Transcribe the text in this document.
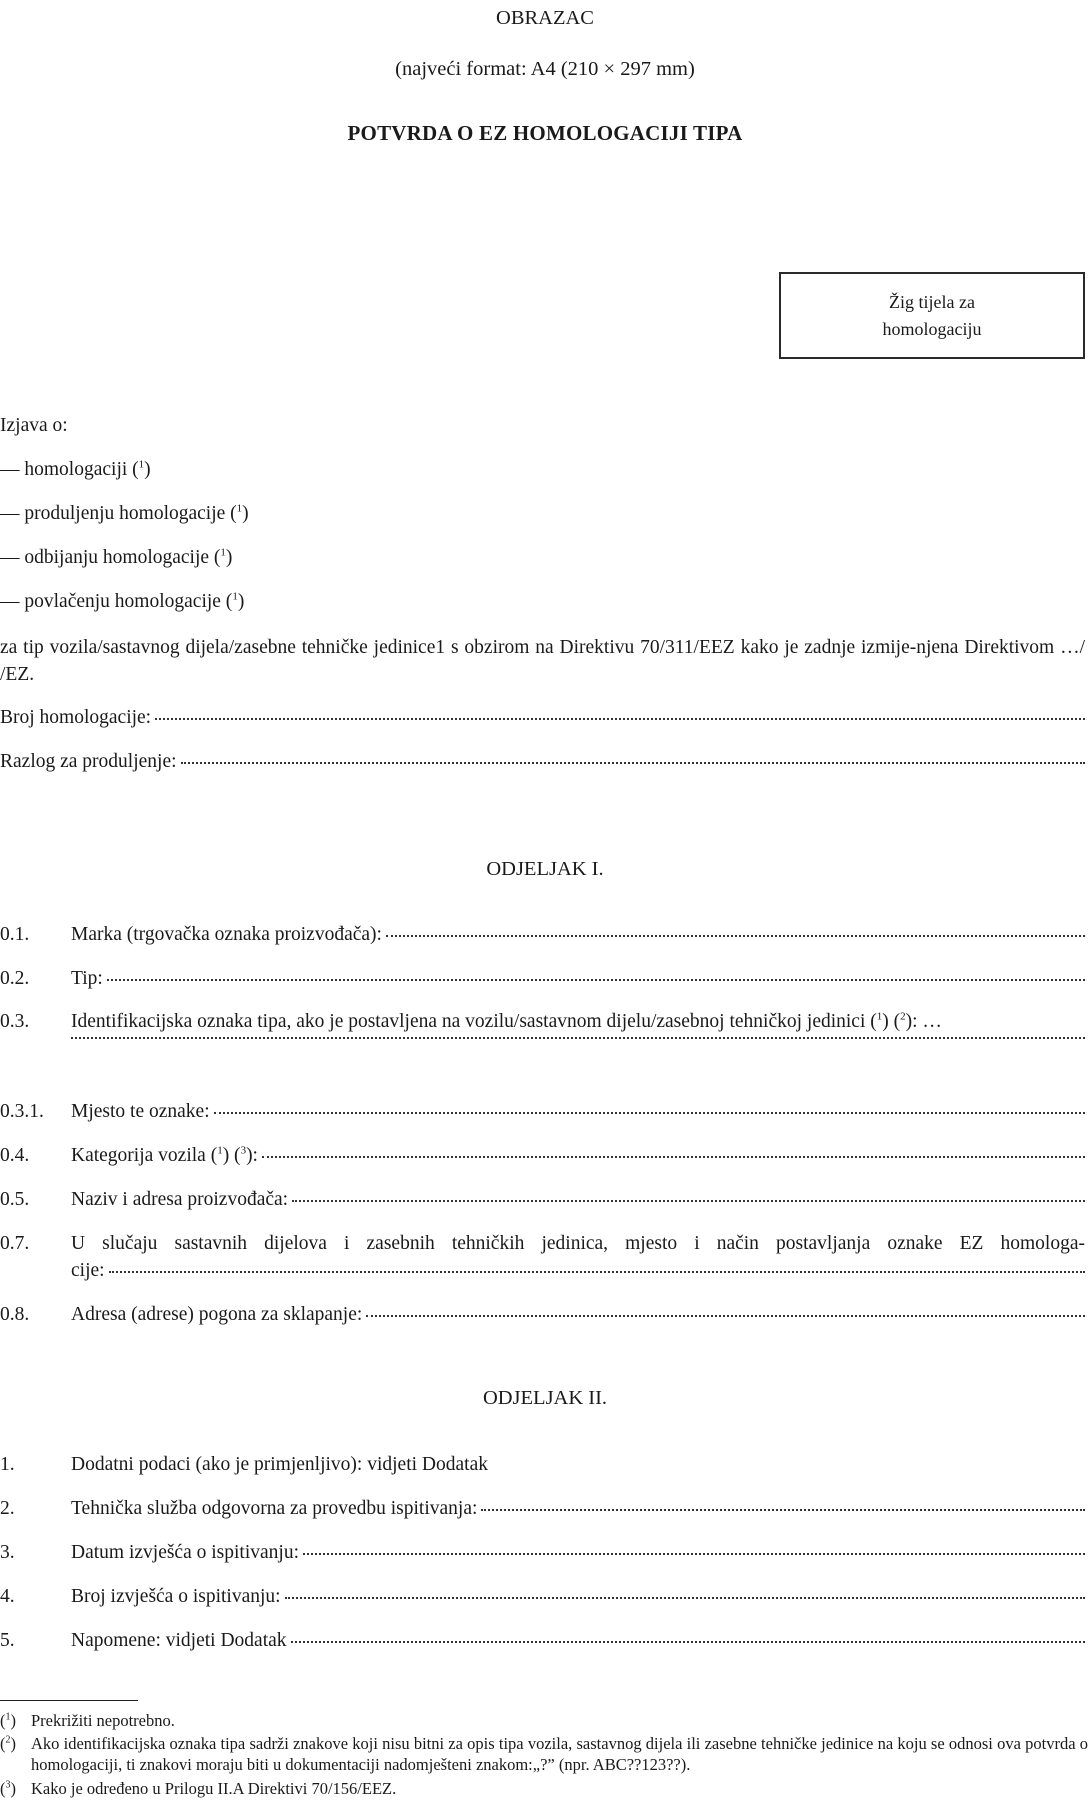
OBRAZAC
(najveći format: A4 (210 × 297 mm)
POTVRDA O EZ HOMOLOGACIJI TIPA
Žig tijela za
homologaciju
Izjava o:
— homologaciji ($^1$)
— produljenju homologacije ($^1$)
— odbijanju homologacije ($^1$)
— povlačenju homologacije ($^1$)
za tip vozila/sastavnog dijela/zasebne tehničke jedinice1 s obzirom na Direktivu 70/311/EEZ kako je zadnje izmije-njena Direktivom …/ /EZ.
Broj homologacije:
Razlog za produljenje:
ODJELJAK I.
0.1. Marka (trgovačka oznaka proizvođača):
0.2. Tip:
0.3. Identifikacijska oznaka tipa, ako je postavljena na vozilu/sastavnom dijelu/zasebnoj tehničkoj jedinici ($^1$) ($^2$): …
0.3.1. Mjesto te oznake:
0.4. Kategorija vozila ($^1$) ($^3$):
0.5. Naziv i adresa proizvođača:
0.7. U slučaju sastavnih dijelova i zasebnih tehničkih jedinica, mjesto i način postavljanja oznake EZ homologa-
cije:
0.8. Adresa (adrese) pogona za sklapanje:
ODJELJAK II.
1.	Dodatni podaci (ako je primjenljivo): vidjeti Dodatak
2.	Tehnička služba odgovorna za provedbu ispitivanja:
3.	Datum izvješća o ispitivanju:
4.	Broj izvješća o ispitivanju:
5.	Napomene: vidjeti Dodatak
($^1$) Prekrižiti nepotrebno.
($^2$) Ako identifikacijska oznaka tipa sadrži znakove koji nisu bitni za opis tipa vozila, sastavnog dijela ili zasebne tehničke jedinice na koju se odnosi ova potvrda o homologaciji, ti znakovi moraju biti u dokumentaciji nadomješteni znakom:„?” (npr. ABC??123??).
($^3$) Kako je određeno u Prilogu II.A Direktivi 70/156/EEZ.
